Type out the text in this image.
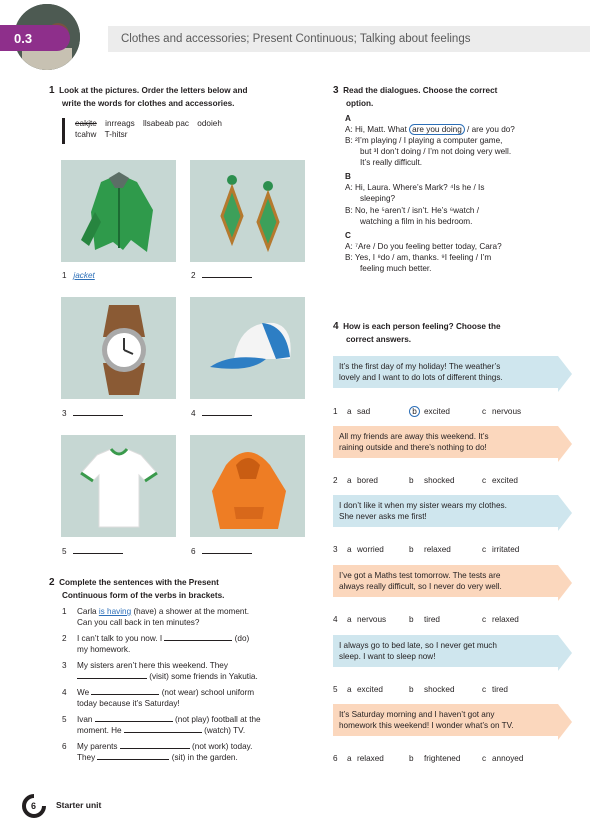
0.3	Clothes and accessories; Present Continuous; Talking about feelings
1 Look at the pictures. Order the letters below and
write the words for clothes and accessories.
eakjte inrreags llsabeab pac odoieh
tcahw T-hitsr
1 jacket	2
3	4
5	6
2 Complete the sentences with the Present
Continuous form of the verbs in brackets.
1 Carla is having (have) a shower at the moment.
Can you call back in ten minutes?
2 I can’t talk to you now. I	(do)
my homework.
3 My sisters aren’t here this weekend. They
(visit) some friends in Yakutia.
4 We	(not wear) school uniform
today because it’s Saturday!
5 Ivan	(not play) football at the
moment. He	(watch) TV.
6 My parents	(not work) today.
They	(sit) in the garden.
3 Read the dialogues. Choose the correct
option.
A
A: Hi, Matt. What are you doing / are you do?
B: ²I’m playing / I playing a computer game,
but ³I don’t doing / I’m not doing very well.
It’s really difficult.
B
A: Hi, Laura. Where’s Mark? ⁴Is he / Is
sleeping?
B: No, he ⁵aren’t / isn’t. He’s ⁶watch /
watching a film in his bedroom.
C
A: ⁷Are / Do you feeling better today, Cara?
B: Yes, I ⁸do / am, thanks. ⁹I feeling / I’m
feeling much better.
4 How is each person feeling? Choose the
correct answers.
It’s the first day of my holiday! The weather’s
lovely and I want to do lots of different things.
1 a sad	b excited	c nervous
All my friends are away this weekend. It’s
raining outside and there’s nothing to do!
2 a bored	b shocked	c excited
I don’t like it when my sister wears my clothes.
She never asks me first!
3 a worried	b relaxed	c irritated
I’ve got a Maths test tomorrow. The tests are
always really difficult, so I never do very well.
4 a nervous	b tired	c relaxed
I always go to bed late, so I never get much
sleep. I want to sleep now!
5 a excited	b shocked	c tired
It’s Saturday morning and I haven’t got any
homework this weekend! I wonder what’s on TV.
6 a relaxed	b frightened	c annoyed
6 Starter unit
